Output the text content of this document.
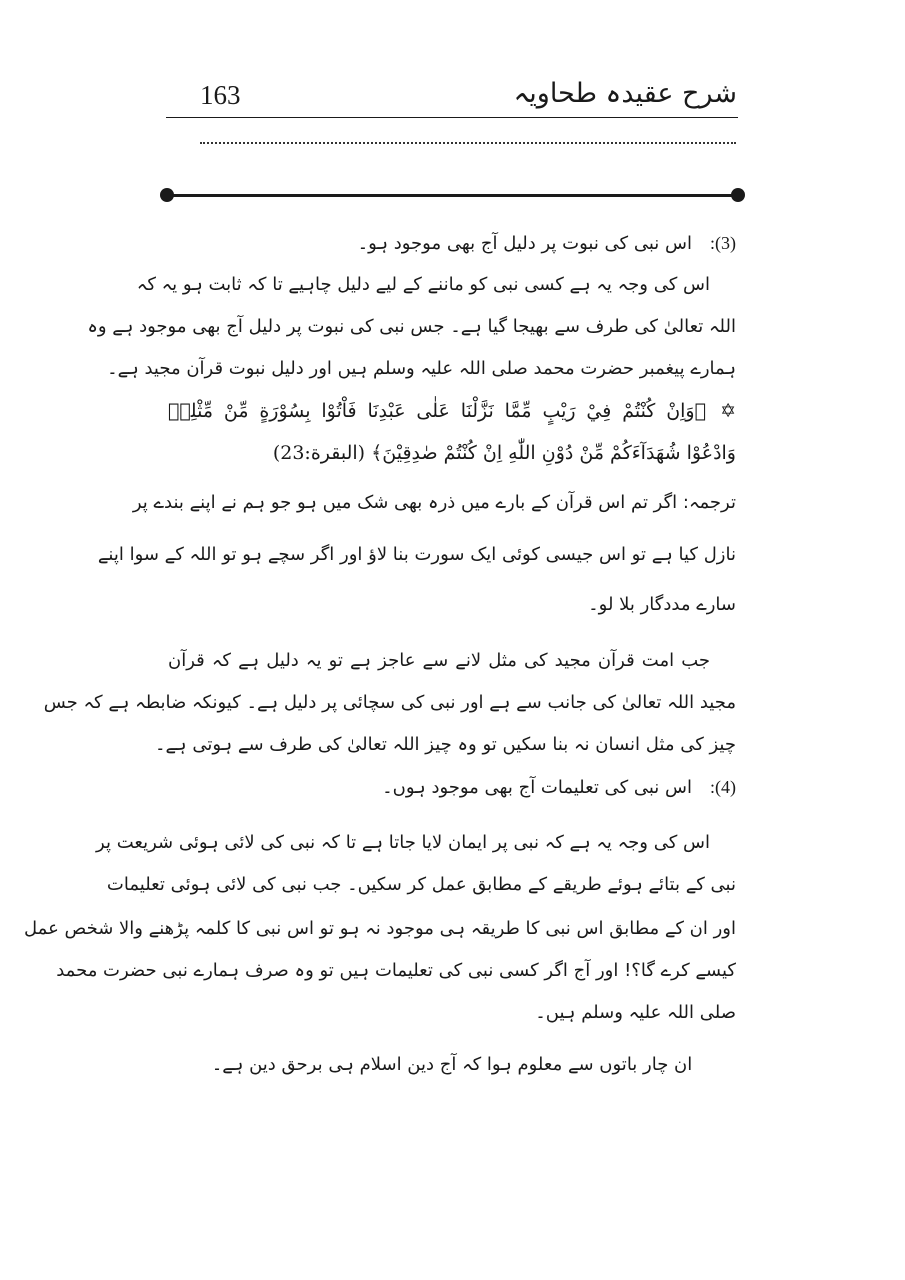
شرح عقیدہ طحاویہ
163
(3):اس نبی کی نبوت پر دلیل آج بھی موجود ہو۔
اس کی وجہ یہ ہے کسی نبی کو ماننے کے لیے دلیل چاہیے تا کہ ثابت ہو یہ کہ
اللہ تعالیٰ کی طرف سے بھیجا گیا ہے۔ جس نبی کی نبوت پر دلیل آج بھی موجود ہے وہ
ہمارے پیغمبر حضرت محمد صلی اللہ علیہ وسلم ہیں اور دلیل نبوت قرآن مجید ہے۔
✡﴿وَاِنْ كُنْتُمْ فِيْ رَيْبٍ مِّمَّا نَزَّلْنَا عَلٰى عَبْدِنَا فَاْتُوْا بِسُوْرَةٍ مِّنْ مِّثْلِهٖ
وَادْعُوْا شُهَدَآءَكُمْ مِّنْ دُوْنِ اللّٰهِ اِنْ كُنْتُمْ صٰدِقِيْنَ﴾ (البقرة:23)
ترجمہ: اگر تم اس قرآن کے بارے میں ذرہ بھی شک میں ہو جو ہم نے اپنے بندے پر
نازل کیا ہے تو اس جیسی کوئی ایک سورت بنا لاؤ اور اگر سچے ہو تو اللہ کے سوا اپنے
سارے مددگار بلا لو۔
جب امت قرآن مجید کی مثل لانے سے عاجز ہے تو یہ دلیل ہے کہ قرآن
مجید اللہ تعالیٰ کی جانب سے ہے اور نبی کی سچائی پر دلیل ہے۔ کیونکہ ضابطہ ہے کہ جس
چیز کی مثل انسان نہ بنا سکیں تو وہ چیز اللہ تعالیٰ کی طرف سے ہوتی ہے۔
(4):اس نبی کی تعلیمات آج بھی موجود ہوں۔
اس کی وجہ یہ ہے کہ نبی پر ایمان لایا جاتا ہے تا کہ نبی کی لائی ہوئی شریعت پر
نبی کے بتائے ہوئے طریقے کے مطابق عمل کر سکیں۔ جب نبی کی لائی ہوئی تعلیمات
اور ان کے مطابق اس نبی کا طریقہ ہی موجود نہ ہو تو اس نبی کا کلمہ پڑھنے والا شخص عمل
کیسے کرے گا؟! اور آج اگر کسی نبی کی تعلیمات ہیں تو وہ صرف ہمارے نبی حضرت محمد
صلی اللہ علیہ وسلم ہیں۔
ان چار باتوں سے معلوم ہوا کہ آج دین اسلام ہی برحق دین ہے۔
